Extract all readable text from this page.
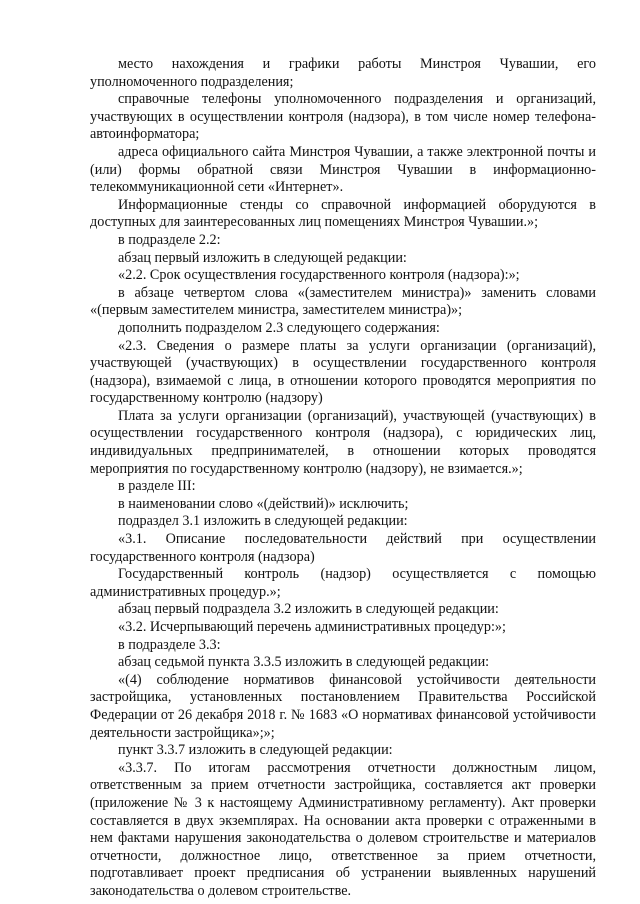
место нахождения и графики работы Минстроя Чувашии, его уполномоченного подразделения;

справочные телефоны уполномоченного подразделения и организаций, участвующих в осуществлении контроля (надзора), в том числе номер телефона-автоинформатора;

адреса официального сайта Минстроя Чувашии, а также электронной почты и (или) формы обратной связи Минстроя Чувашии в информационно-телекоммуникационной сети «Интернет».

Информационные стенды со справочной информацией оборудуются в доступных для заинтересованных лиц помещениях Минстроя Чувашии.»;

в подразделе 2.2:

абзац первый изложить в следующей редакции:

«2.2. Срок осуществления государственного контроля (надзора):»;

в абзаце четвертом слова «(заместителем министра)» заменить словами «(первым заместителем министра, заместителем министра)»;

дополнить подразделом 2.3 следующего содержания:

«2.3. Сведения о размере платы за услуги организации (организаций), участвующей (участвующих) в осуществлении государственного контроля (надзора), взимаемой с лица, в отношении которого проводятся мероприятия по государственному контролю (надзору)

Плата за услуги организации (организаций), участвующей (участвующих) в осуществлении государственного контроля (надзора), с юридических лиц, индивидуальных предпринимателей, в отношении которых проводятся мероприятия по государственному контролю (надзору), не взимается.»;

в разделе III:

в наименовании слово «(действий)» исключить;

подраздел 3.1 изложить в следующей редакции:

«3.1. Описание последовательности действий при осуществлении государственного контроля (надзора)

Государственный контроль (надзор) осуществляется с помощью административных процедур.»;

абзац первый подраздела 3.2 изложить в следующей редакции:

«3.2. Исчерпывающий перечень административных процедур:»;

в подразделе 3.3:

абзац седьмой пункта 3.3.5 изложить в следующей редакции:

«(4) соблюдение нормативов финансовой устойчивости деятельности застройщика, установленных постановлением Правительства Российской Федерации от 26 декабря 2018 г. № 1683 «О нормативах финансовой устойчивости деятельности застройщика»;»;

пункт 3.3.7 изложить в следующей редакции:

«3.3.7. По итогам рассмотрения отчетности должностным лицом, ответственным за прием отчетности застройщика, составляется акт проверки (приложение № 3 к настоящему Административному регламенту). Акт проверки составляется в двух экземплярах. На основании акта проверки с отраженными в нем фактами нарушения законодательства о долевом строительстве и материалов отчетности, должностное лицо, ответственное за прием отчетности, подготавливает проект предписания об устранении выявленных нарушений законодательства о долевом строительстве.
